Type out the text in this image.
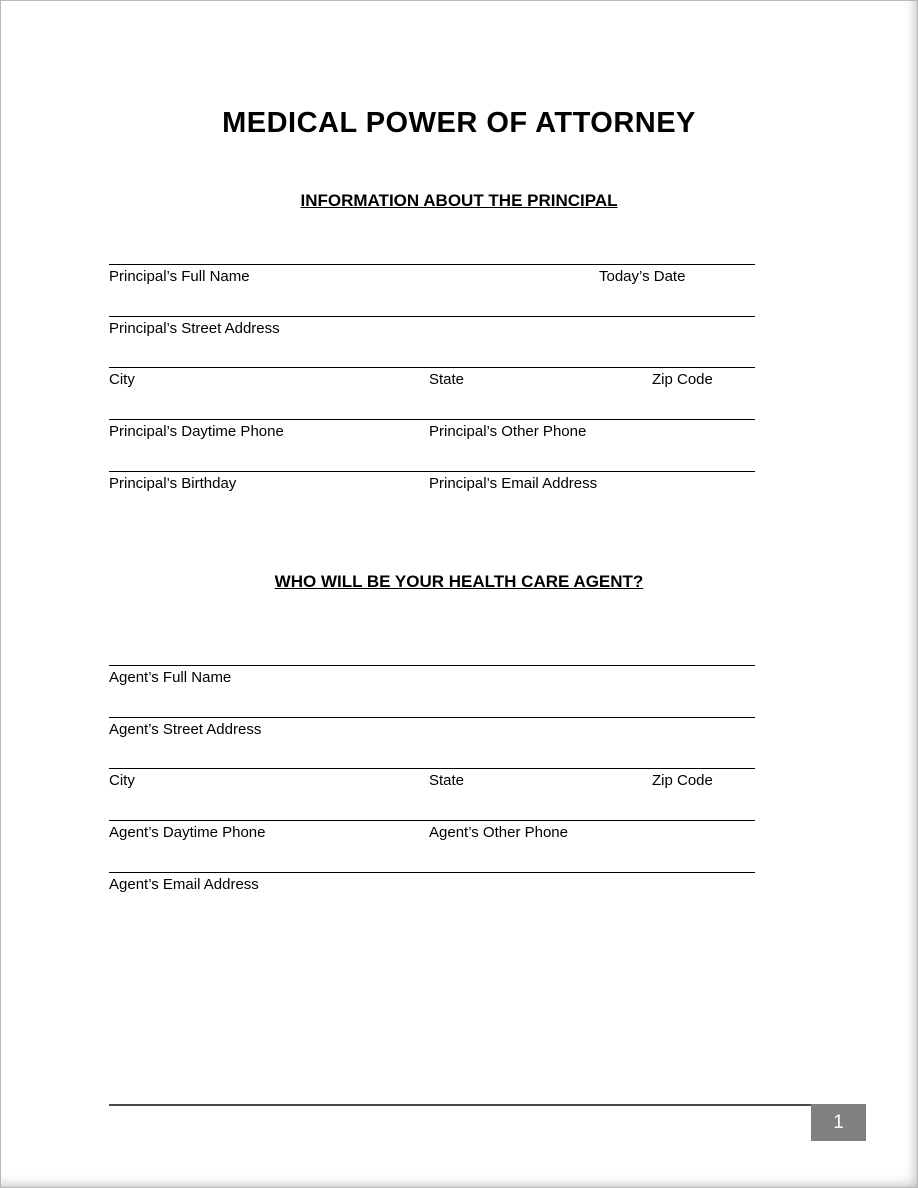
MEDICAL POWER OF ATTORNEY
INFORMATION ABOUT THE PRINCIPAL
Principal’s Full Name	Today’s Date
Principal’s Street Address
City	State	Zip Code
Principal’s Daytime Phone	Principal’s Other Phone
Principal’s Birthday	Principal’s Email Address
WHO WILL BE YOUR HEALTH CARE AGENT?
Agent’s Full Name
Agent’s Street Address
City	State	Zip Code
Agent’s Daytime Phone	Agent’s Other Phone
Agent’s Email Address
1
